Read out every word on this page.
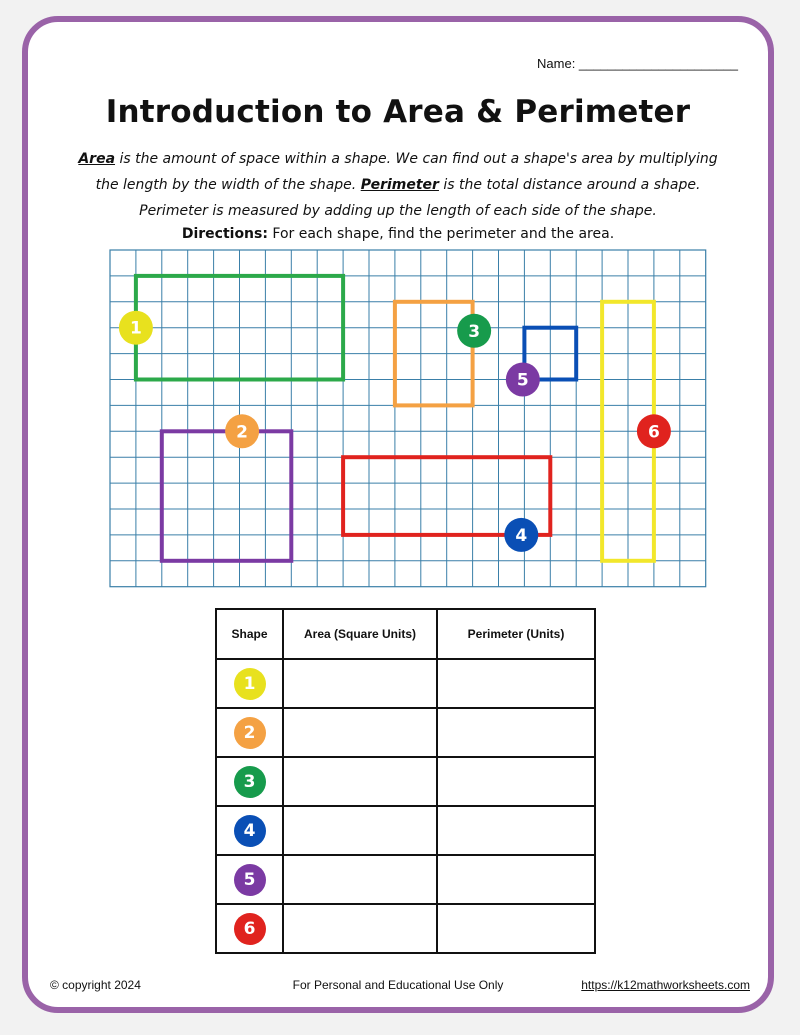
Name: ______________________
Introduction to Area & Perimeter
Area is the amount of space within a shape. We can find out a shape's area by multiplying the length by the width of the shape. Perimeter is the total distance around a shape. Perimeter is measured by adding up the length of each side of the shape.
Directions: For each shape, find the perimeter and the area.
1
2
3
4
5
6
Shape	Area (Square Units)	Perimeter (Units)
1		
2		
3		
4		
5		
6		
© copyright 2024	For Personal and Educational Use Only	https://k12mathworksheets.com
